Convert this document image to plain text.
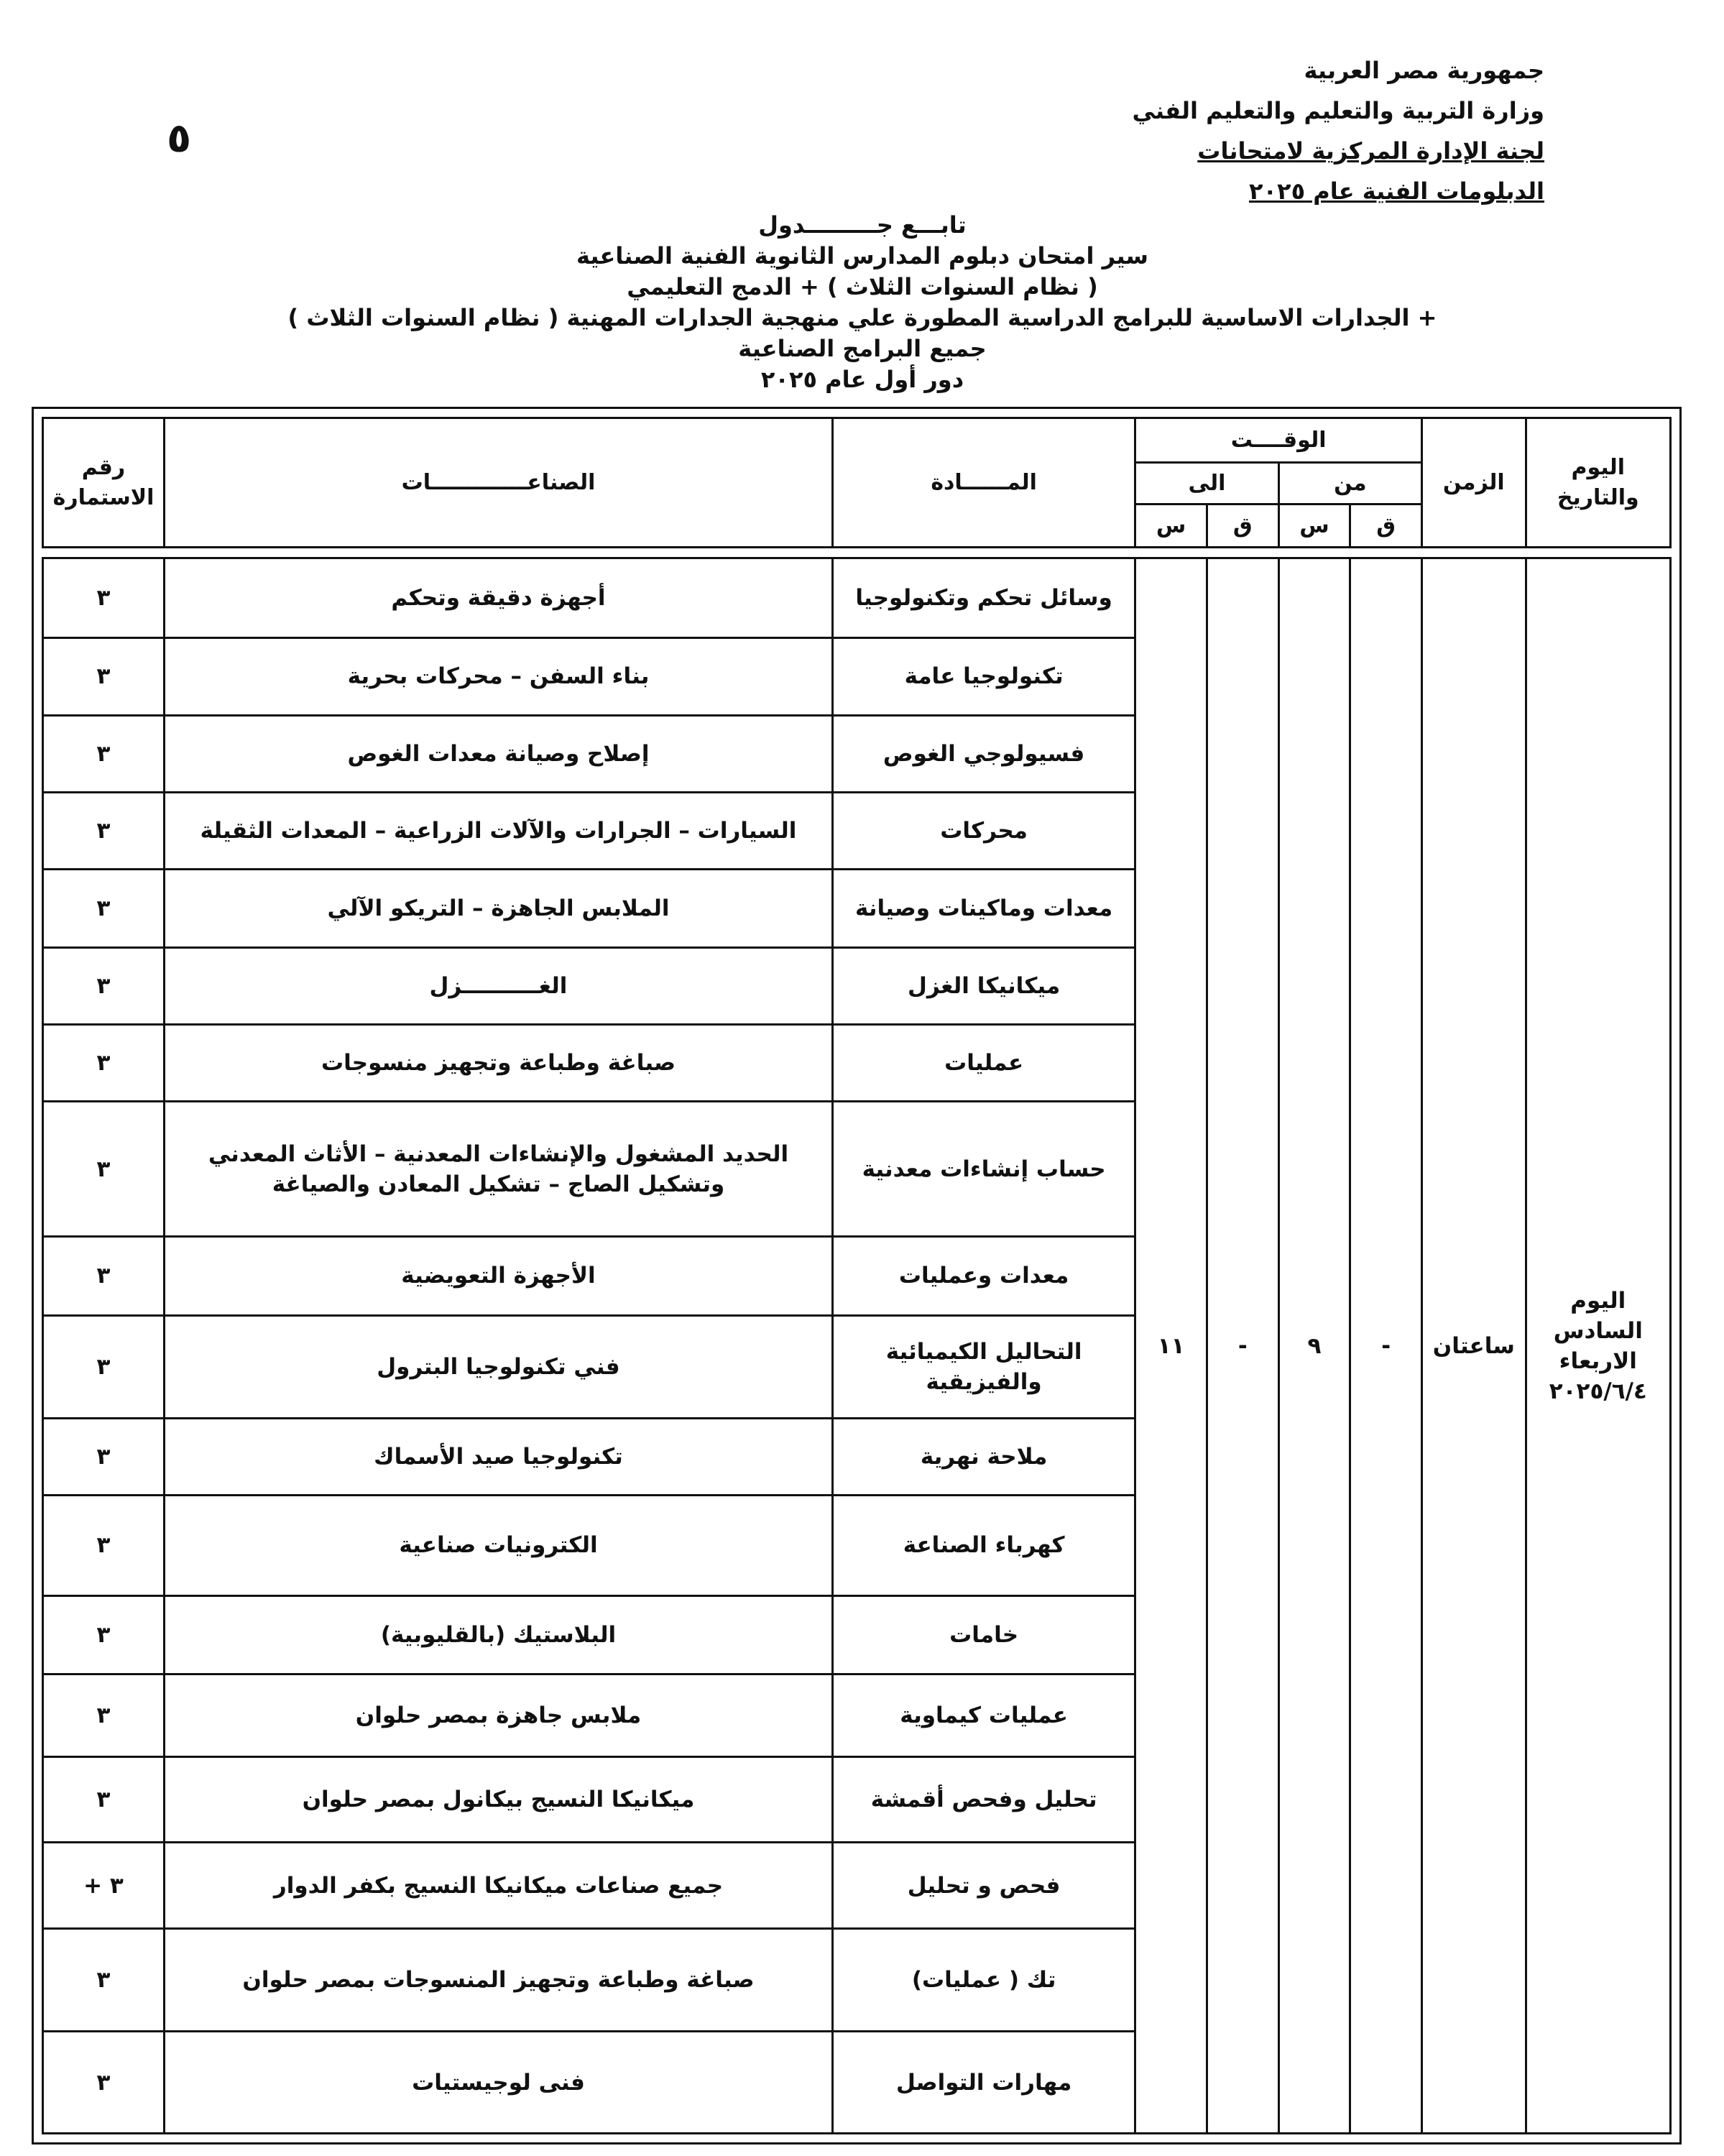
٥
جمهورية مصر العربية
وزارة التربية والتعليم والتعليم الفني
لجنة الإدارة المركزية لامتحانات
الدبلومات الفنية عام ٢٠٢٥
تابـــع جـــــــــدول
سير امتحان دبلوم المدارس الثانوية الفنية الصناعية
( نظام السنوات الثلاث ) + الدمج التعليمي
+ الجدارات الاساسية للبرامج الدراسية المطورة علي منهجية الجدارات المهنية ( نظام السنوات الثلاث )
جميع البرامج الصناعية
دور أول عام ٢٠٢٥
اليوم والتاريخ	الزمن	الوقــــت				المــــــادة	الصناعـــــــــــــات	رقم الاستمارة
		من		الى				
		ق	س	ق	س			

اليوم
السادس
الاربعاء
٢٠٢٥/٦/٤	ساعتان	-	٩	-	١١	وسائل تحكم وتكنولوجيا	أجهزة دقيقة وتحكم	٣
						تكنولوجيا عامة	بناء السفن – محركات بحرية	٣
						فسيولوجي الغوص	إصلاح وصيانة معدات الغوص	٣
						محركات	السيارات – الجرارات والآلات الزراعية – المعدات الثقيلة	٣
						معدات وماكينات وصيانة	الملابس الجاهزة – التريكو الآلي	٣
						ميكانيكا الغزل	الغــــــــــزل	٣
						عمليات	صباغة وطباعة وتجهيز منسوجات	٣
						حساب إنشاءات معدنية	الحديد المشغول والإنشاءات المعدنية – الأثاث المعدني وتشكيل الصاج – تشكيل المعادن والصياغة	٣
						معدات وعمليات	الأجهزة التعويضية	٣
						التحاليل الكيميائية والفيزيقية	فني تكنولوجيا البترول	٣
						ملاحة نهرية	تكنولوجيا صيد الأسماك	٣
						كهرباء الصناعة	الكترونيات صناعية	٣
						خامات	البلاستيك (بالقليوبية)	٣
						عمليات كيماوية	ملابس جاهزة بمصر حلوان	٣
						تحليل وفحص أقمشة	ميكانيكا النسيج بيكانول بمصر حلوان	٣
						فحص و تحليل	جميع صناعات ميكانيكا النسيج بكفر الدوار	٣ +
						تك ( عمليات)	صباغة وطباعة وتجهيز المنسوجات بمصر حلوان	٣
						مهارات التواصل	فنى لوجيستيات	٣
